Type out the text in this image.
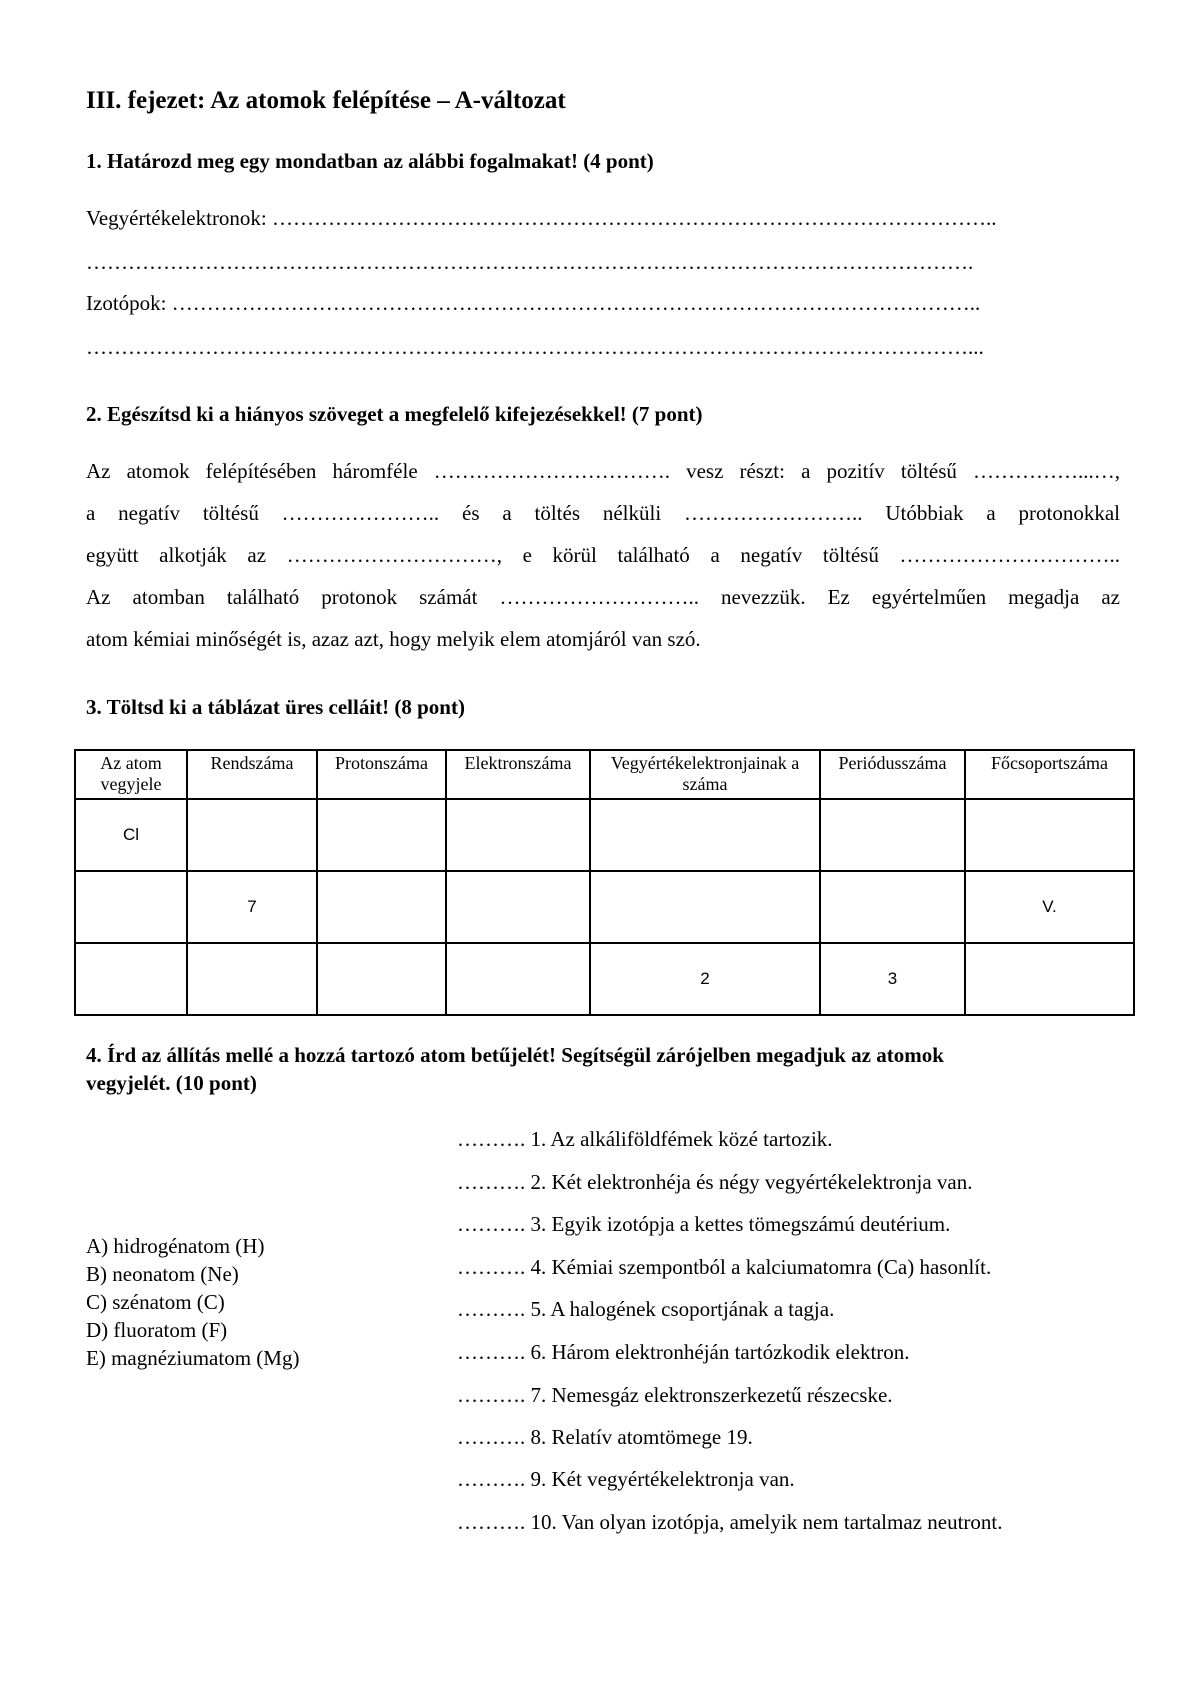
III. fejezet: Az atomok felépítése – A-változat
1. Határozd meg egy mondatban az alábbi fogalmakat! (4 pont)
Vegyértékelektronok: …………………………………………………………………………………………..
……………………………………………………………………………………………………………….
Izotópok: ……………………………………………………………………………………………………..
………………………………………………………………………………………………………………...
2. Egészítsd ki a hiányos szöveget a megfelelő kifejezésekkel! (7 pont)
Az atomok felépítésében háromféle ……………………………. vesz részt: a pozitív töltésű ……………...…,
a negatív töltésű ………………….. és a töltés nélküli …………………….. Utóbbiak a protonokkal
együtt alkotják az …………………………, e körül található a negatív töltésű …………………………..
Az atomban található protonok számát ……………………….. nevezzük. Ez egyértelműen megadja az
atom kémiai minőségét is, azaz azt, hogy melyik elem atomjáról van szó.
3. Töltsd ki a táblázat üres celláit! (8 pont)
Az atom vegyjele	Rendszáma	Protonszáma	Elektronszáma	Vegyértékelektronjainak a száma	Periódusszáma	Főcsoportszáma
Cl						
	7					V.
				2	3	
4. Írd az állítás mellé a hozzá tartozó atom betűjelét! Segítségül zárójelben megadjuk az atomok
vegyjelét. (10 pont)
A) hidrogénatom (H)
B) neonatom (Ne)
C) szénatom (C)
D) fluoratom (F)
E) magnéziumatom (Mg)
………. 1. Az alkáliföldfémek közé tartozik.
………. 2. Két elektronhéja és négy vegyértékelektronja van.
………. 3. Egyik izotópja a kettes tömegszámú deutérium.
………. 4. Kémiai szempontból a kalciumatomra (Ca) hasonlít.
………. 5. A halogének csoportjának a tagja.
………. 6. Három elektronhéján tartózkodik elektron.
………. 7. Nemesgáz elektronszerkezetű részecske.
………. 8. Relatív atomtömege 19.
………. 9. Két vegyértékelektronja van.
………. 10. Van olyan izotópja, amelyik nem tartalmaz neutront.
